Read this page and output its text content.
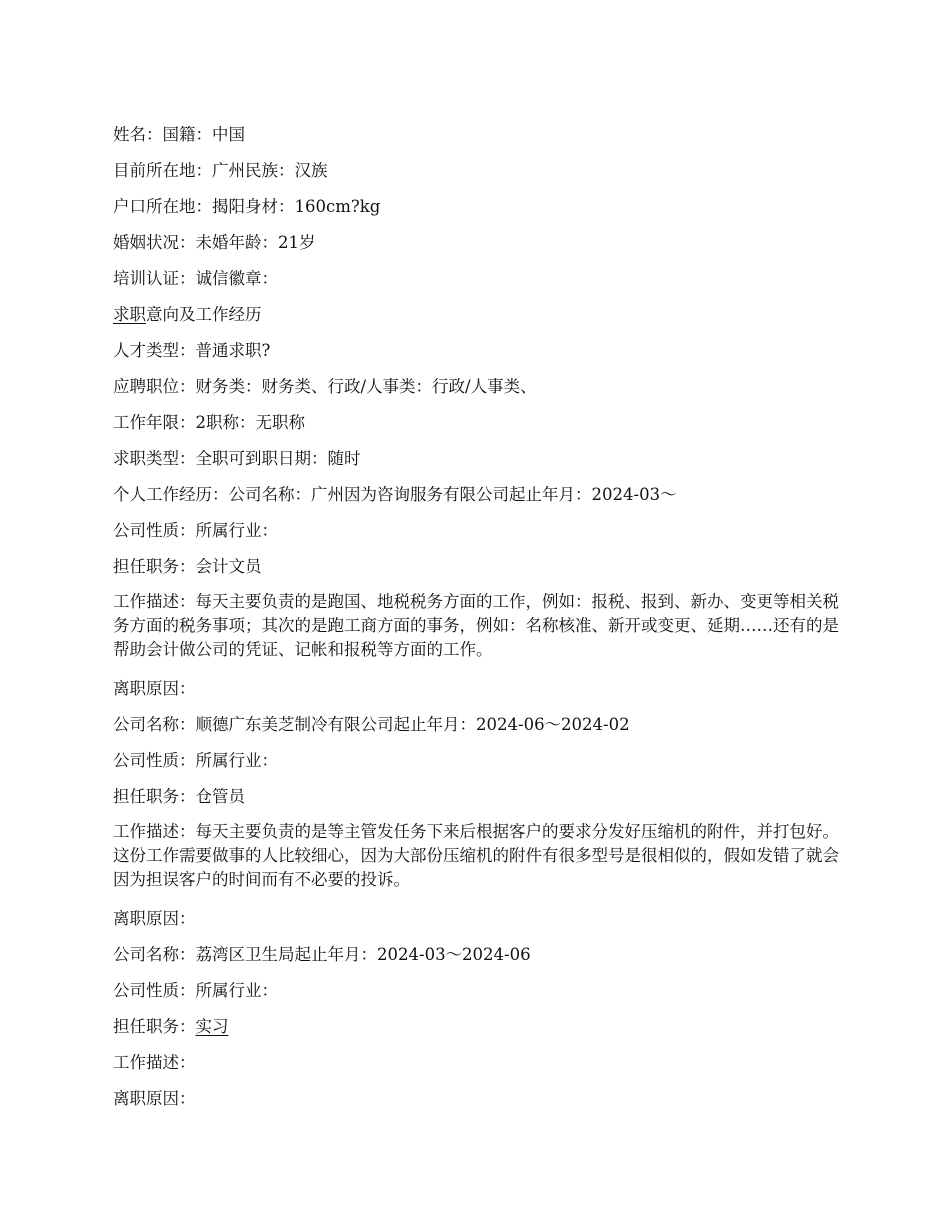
姓名：国籍：中国

目前所在地：广州民族：汉族

户口所在地：揭阳身材：160cm?kg

婚姻状况：未婚年龄：21岁

培训认证：诚信徽章：

求职意向及工作经历

人才类型：普通求职?

应聘职位：财务类：财务类、行政/人事类：行政/人事类、

工作年限：2职称：无职称

求职类型：全职可到职日期：随时

个人工作经历：公司名称：广州因为咨询服务有限公司起止年月：2024-03～

公司性质：所属行业：

担任职务：会计文员

工作描述：每天主要负责的是跑国、地税税务方面的工作，例如：报税、报到、新办、变更等相关税务方面的税务事项；其次的是跑工商方面的事务，例如：名称核准、新开或变更、延期……还有的是帮助会计做公司的凭证、记帐和报税等方面的工作。

离职原因：

公司名称：顺德广东美芝制冷有限公司起止年月：2024-06～2024-02

公司性质：所属行业：

担任职务：仓管员

工作描述：每天主要负责的是等主管发任务下来后根据客户的要求分发好压缩机的附件，并打包好。这份工作需要做事的人比较细心，因为大部份压缩机的附件有很多型号是很相似的，假如发错了就会因为担误客户的时间而有不必要的投诉。

离职原因：

公司名称：荔湾区卫生局起止年月：2024-03～2024-06

公司性质：所属行业：

担任职务：实习

工作描述：

离职原因：
